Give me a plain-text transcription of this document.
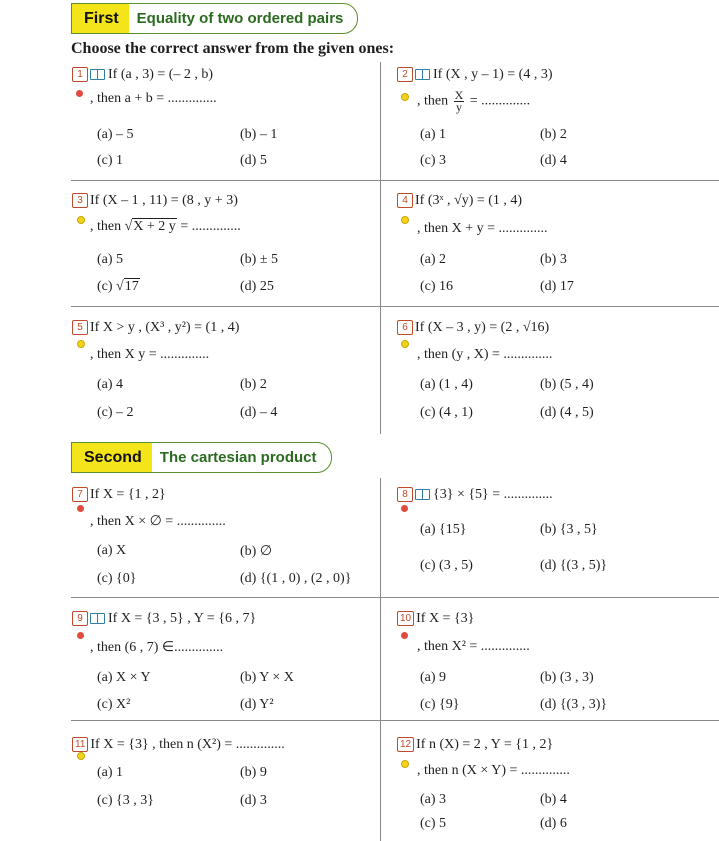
First	Equality of two ordered pairs
Choose the correct answer from the given ones:
1 If (a , 3) = (– 2 , b)
, then a + b = ..............
(a) – 5	(b) – 1
(c) 1	(d) 5
2 If (X , y – 1) = (4 , 3)
, then $\frac{X}{y}$ = ..............
(a) 1	(b) 2
(c) 3	(d) 4
3 If (X – 1 , 11) = (8 , y + 3)
, then √X + 2 y = ..............
(a) 5	(b) ± 5
(c) √17	(d) 25
4 If (3ˣ , √y) = (1 , 4)
, then X + y = ..............
(a) 2	(b) 3
(c) 16	(d) 17
5 If X > y , (X³ , y²) = (1 , 4)
, then X y = ..............
(a) 4	(b) 2
(c) – 2	(d) – 4
6 If (X – 3 , y) = (2 , √16)
, then (y , X) = ..............
(a) (1 , 4)	(b) (5 , 4)
(c) (4 , 1)	(d) (4 , 5)
Second	The cartesian product
7 If X = {1 , 2}
, then X × ∅ = ..............
(a) X	(b) ∅
(c) {0}	(d) {(1 , 0) , (2 , 0)}
8 {3} × {5} = ..............
(a) {15}	(b) {3 , 5}
(c) (3 , 5)	(d) {(3 , 5)}
9 If X = {3 , 5} , Y = {6 , 7}
, then (6 , 7) ∈..............
(a) X × Y	(b) Y × X
(c) X²	(d) Y²
10 If X = {3}
, then X² = ..............
(a) 9	(b) (3 , 3)
(c) {9}	(d) {(3 , 3)}
11 If X = {3} , then n (X²) = ..............
(a) 1	(b) 9
(c) {3 , 3}	(d) 3
12 If n (X) = 2 , Y = {1 , 2}
, then n (X × Y) = ..............
(a) 3	(b) 4
(c) 5	(d) 6
